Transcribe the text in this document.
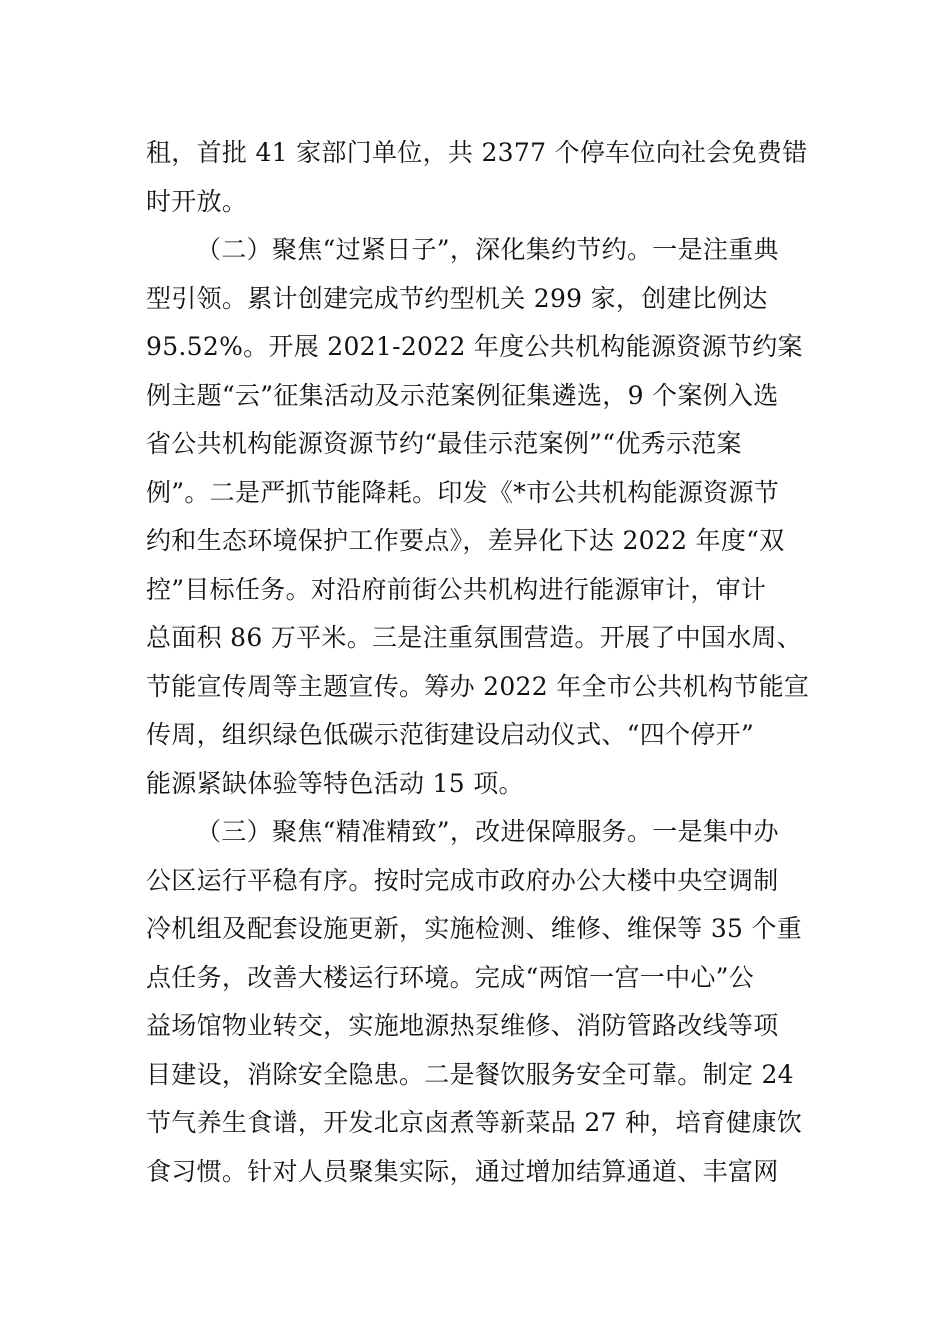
租，首批 41 家部门单位，共 2377 个停车位向社会免费错
时开放。
（二）聚焦“过紧日子”，深化集约节约。一是注重典
型引领。累计创建完成节约型机关 299 家，创建比例达
95.52%。开展 2021-2022 年度公共机构能源资源节约案
例主题“云”征集活动及示范案例征集遴选，9 个案例入选
省公共机构能源资源节约“最佳示范案例”“优秀示范案
例”。二是严抓节能降耗。印发《*市公共机构能源资源节
约和生态环境保护工作要点》，差异化下达 2022 年度“双
控”目标任务。对沿府前街公共机构进行能源审计，审计
总面积 86 万平米。三是注重氛围营造。开展了中国水周、
节能宣传周等主题宣传。筹办 2022 年全市公共机构节能宣
传周，组织绿色低碳示范街建设启动仪式、“四个停开”
能源紧缺体验等特色活动 15 项。
（三）聚焦“精准精致”，改进保障服务。一是集中办
公区运行平稳有序。按时完成市政府办公大楼中央空调制
冷机组及配套设施更新，实施检测、维修、维保等 35 个重
点任务，改善大楼运行环境。完成“两馆一宫一中心”公
益场馆物业转交，实施地源热泵维修、消防管路改线等项
目建设，消除安全隐患。二是餐饮服务安全可靠。制定 24
节气养生食谱，开发北京卤煮等新菜品 27 种，培育健康饮
食习惯。针对人员聚集实际，通过增加结算通道、丰富网
